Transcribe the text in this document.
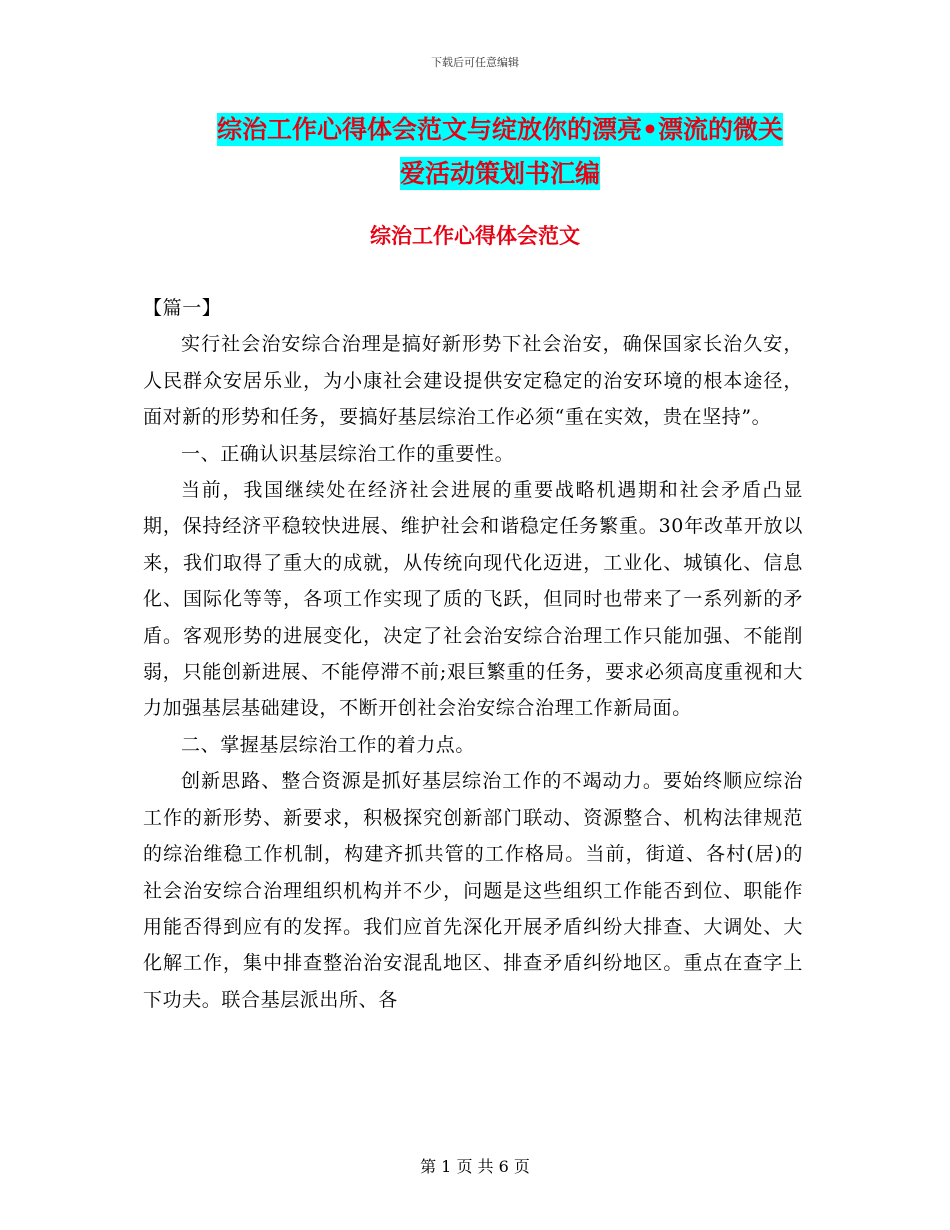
下载后可任意编辑
综治工作心得体会范文与绽放你的漂亮•漂流的微关
爱活动策划书汇编
综治工作心得体会范文

【篇一】

实行社会治安综合治理是搞好新形势下社会治安，确保国家长治久安，人民群众安居乐业，为小康社会建设提供安定稳定的治安环境的根本途径，面对新的形势和任务，要搞好基层综治工作必须“重在实效，贵在坚持”。

一、正确认识基层综治工作的重要性。

当前，我国继续处在经济社会进展的重要战略机遇期和社会矛盾凸显期，保持经济平稳较快进展、维护社会和谐稳定任务繁重。30年改革开放以来，我们取得了重大的成就，从传统向现代化迈进，工业化、城镇化、信息化、国际化等等，各项工作实现了质的飞跃，但同时也带来了一系列新的矛盾。客观形势的进展变化，决定了社会治安综合治理工作只能加强、不能削弱，只能创新进展、不能停滞不前;艰巨繁重的任务，要求必须高度重视和大力加强基层基础建设，不断开创社会治安综合治理工作新局面。

二、掌握基层综治工作的着力点。

创新思路、整合资源是抓好基层综治工作的不竭动力。要始终顺应综治工作的新形势、新要求，积极探究创新部门联动、资源整合、机构法律规范的综治维稳工作机制，构建齐抓共管的工作格局。当前，街道、各村(居)的社会治安综合治理组织机构并不少，问题是这些组织工作能否到位、职能作用能否得到应有的发挥。我们应首先深化开展矛盾纠纷大排查、大调处、大化解工作，集中排查整治治安混乱地区、排查矛盾纠纷地区。重点在查字上下功夫。联合基层派出所、各

第 1 页 共 6 页
